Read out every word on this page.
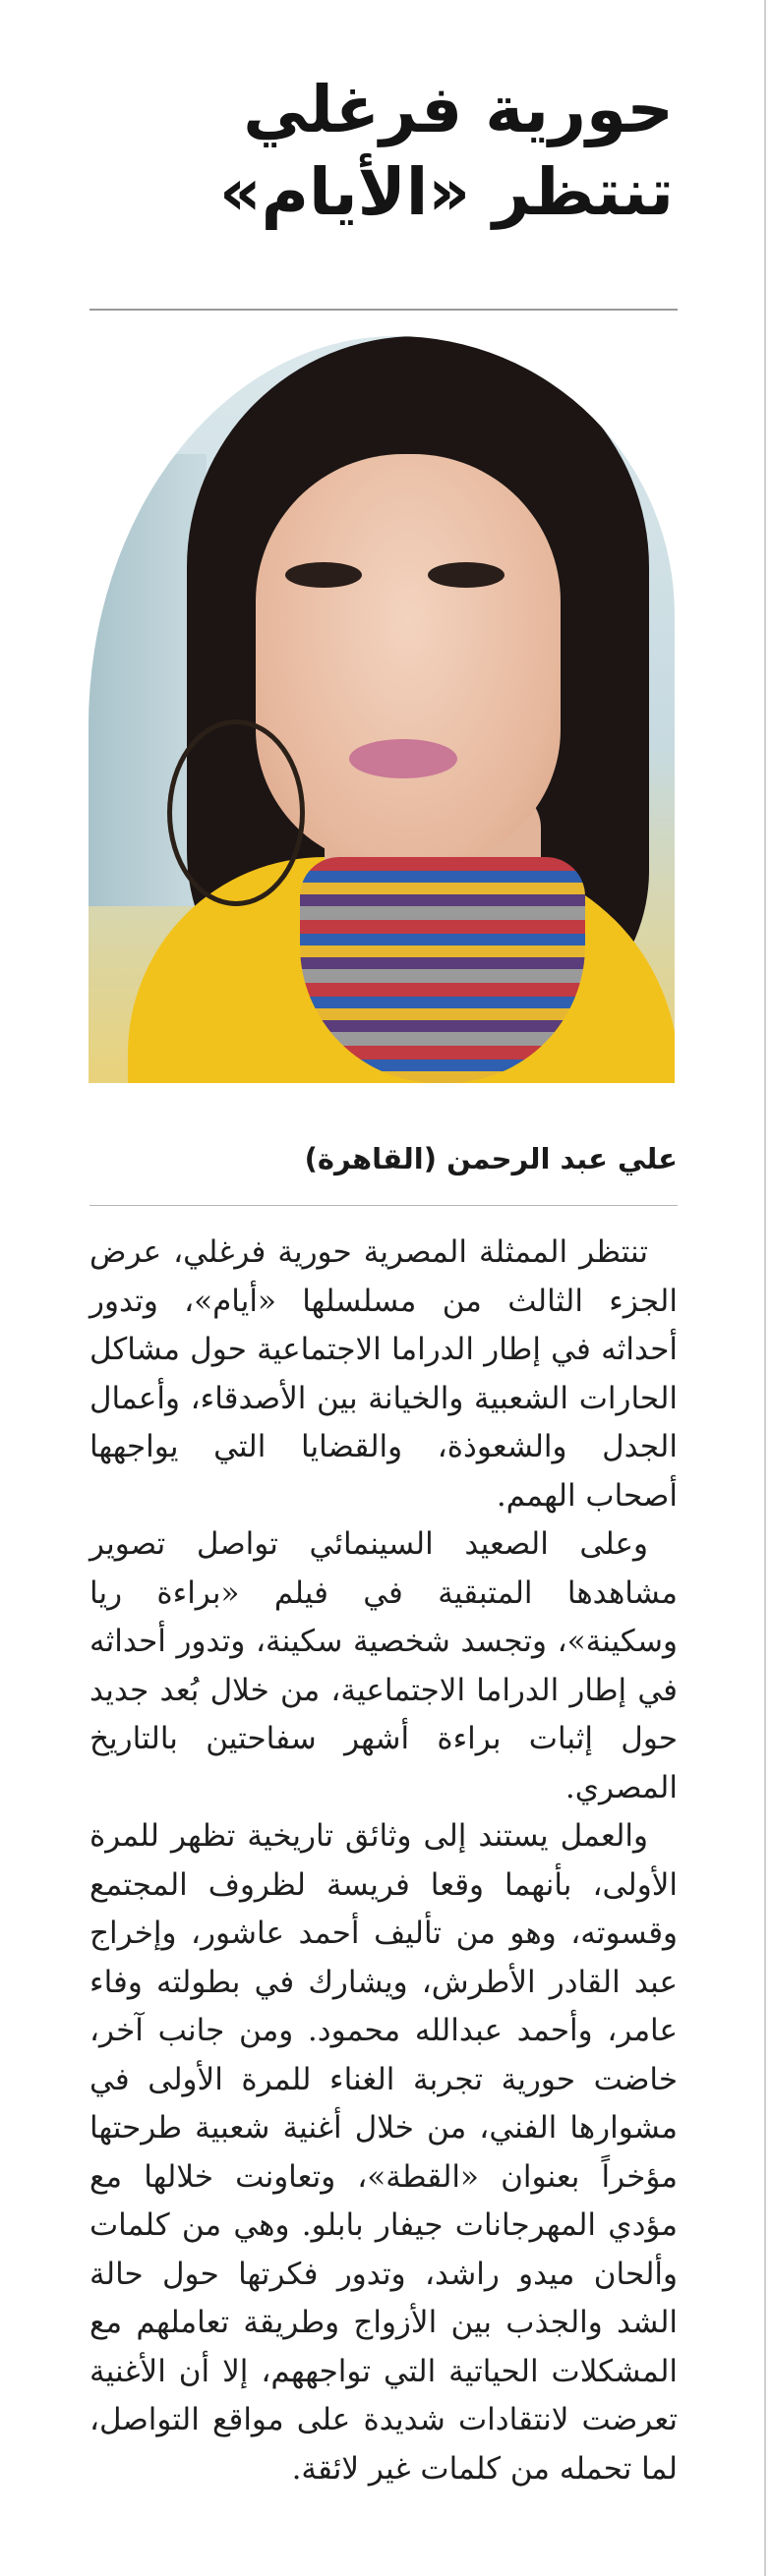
حورية فرغلي
تنتظر «الأيام»

علي عبد الرحمن (القاهرة)

تنتظر الممثلة المصرية حورية فرغلي، عرض الجزء الثالث من مسلسلها «أيام»، وتدور أحداثه في إطار الدراما الاجتماعية حول مشاكل الحارات الشعبية والخيانة بين الأصدقاء، وأعمال الجدل والشعوذة، والقضايا التي يواجهها أصحاب الهمم.

وعلى الصعيد السينمائي تواصل تصوير مشاهدها المتبقية في فيلم «براءة ريا وسكينة»، وتجسد شخصية سكينة، وتدور أحداثه في إطار الدراما الاجتماعية، من خلال بُعد جديد حول إثبات براءة أشهر سفاحتين بالتاريخ المصري.

والعمل يستند إلى وثائق تاريخية تظهر للمرة الأولى، بأنهما وقعا فريسة لظروف المجتمع وقسوته، وهو من تأليف أحمد عاشور، وإخراج عبد القادر الأطرش، ويشارك في بطولته وفاء عامر، وأحمد عبدالله محمود. ومن جانب آخر، خاضت حورية تجربة الغناء للمرة الأولى في مشوارها الفني، من خلال أغنية شعبية طرحتها مؤخراً بعنوان «القطة»، وتعاونت خلالها مع مؤدي المهرجانات جيفار بابلو. وهي من كلمات وألحان ميدو راشد، وتدور فكرتها حول حالة الشد والجذب بين الأزواج وطريقة تعاملهم مع المشكلات الحياتية التي تواجههم، إلا أن الأغنية تعرضت لانتقادات شديدة على مواقع التواصل، لما تحمله من كلمات غير لائقة.
